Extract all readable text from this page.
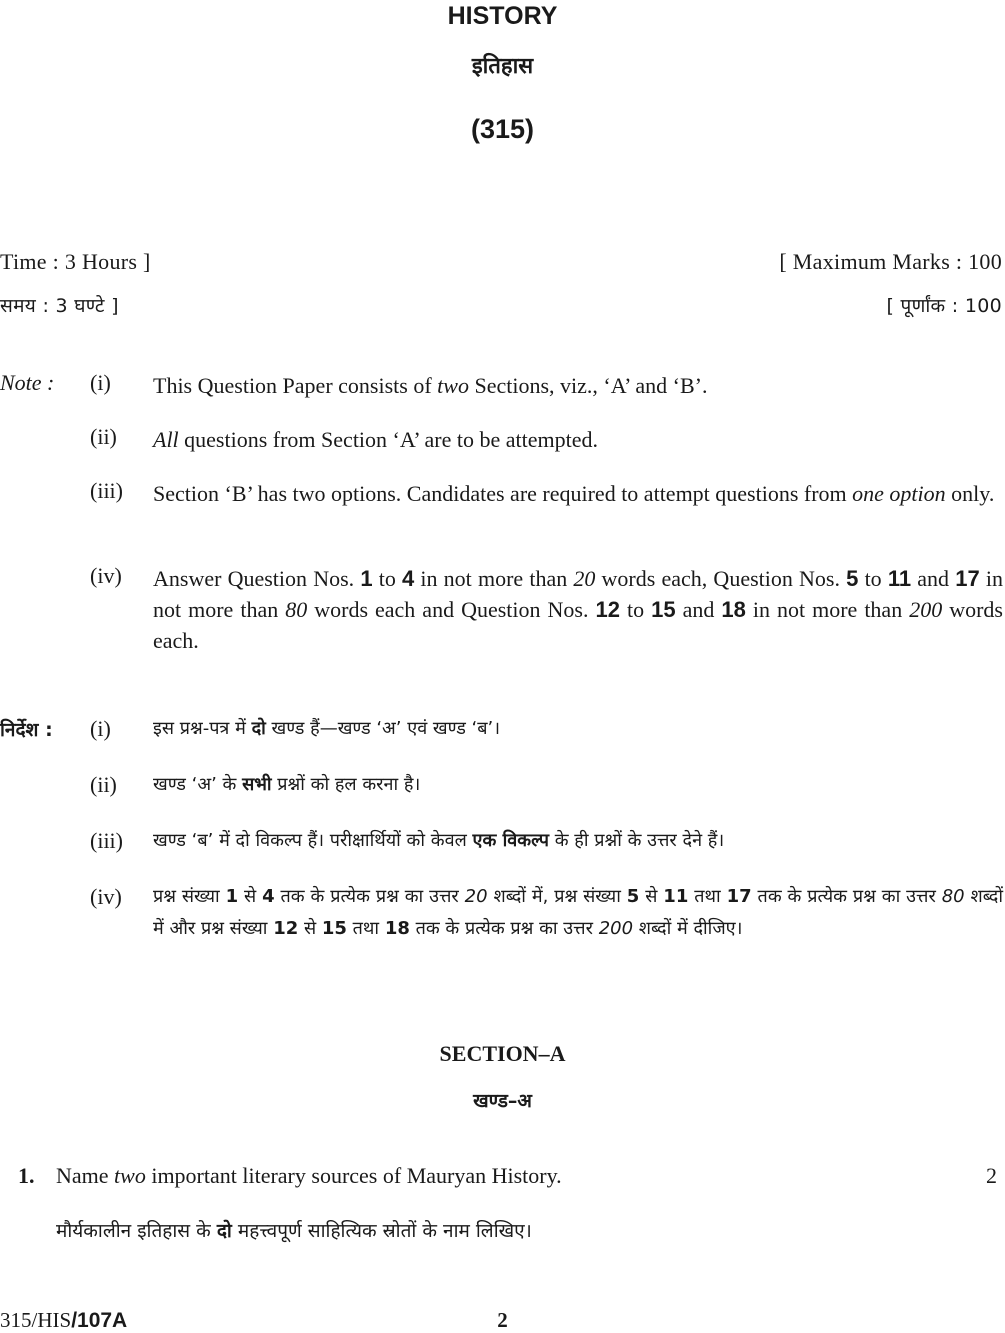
HISTORY
इतिहास
(315)
Time : 3 Hours ]	[ Maximum Marks : 100
समय : 3 घण्टे ]	[ पूर्णांक : 100
Note : (i) This Question Paper consists of two Sections, viz., ‘A’ and ‘B’.
(ii) All questions from Section ‘A’ are to be attempted.
(iii) Section ‘B’ has two options. Candidates are required to attempt questions from one option only.
(iv) Answer Question Nos. 1 to 4 in not more than 20 words each, Question Nos. 5 to 11 and 17 in not more than 80 words each and Question Nos. 12 to 15 and 18 in not more than 200 words each.
निर्देश : (i) इस प्रश्न-पत्र में दो खण्ड हैं—खण्ड ‘अ’ एवं खण्ड ‘ब’।
(ii) खण्ड ‘अ’ के सभी प्रश्नों को हल करना है।
(iii) खण्ड ‘ब’ में दो विकल्प हैं। परीक्षार्थियों को केवल एक विकल्प के ही प्रश्नों के उत्तर देने हैं।
(iv) प्रश्न संख्या 1 से 4 तक के प्रत्येक प्रश्न का उत्तर 20 शब्दों में, प्रश्न संख्या 5 से 11 तथा 17 तक के प्रत्येक प्रश्न का उत्तर 80 शब्दों में और प्रश्न संख्या 12 से 15 तथा 18 तक के प्रत्येक प्रश्न का उत्तर 200 शब्दों में दीजिए।
SECTION–A
खण्ड–अ
1. Name two important literary sources of Mauryan History.	2
मौर्यकालीन इतिहास के दो महत्त्वपूर्ण साहित्यिक स्रोतों के नाम लिखिए।
315/HIS/107A	2
